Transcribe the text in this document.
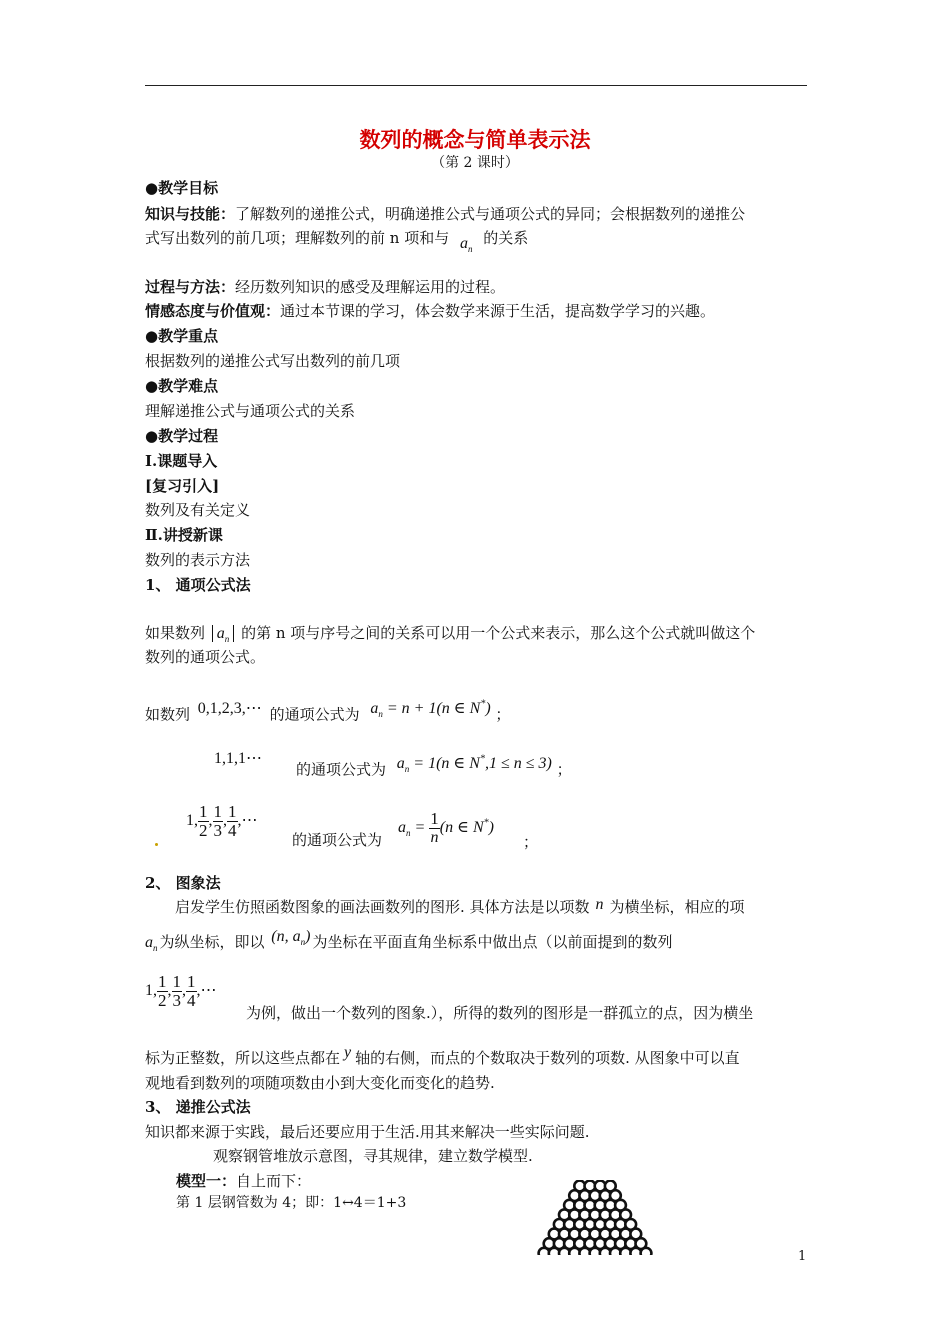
数列的概念与简单表示法
（第 2 课时）
●教学目标
知识与技能：了解数列的递推公式，明确递推公式与通项公式的异同；会根据数列的递推公
式写出数列的前几项；理解数列的前 n 项和与 $a_n$ 的关系
过程与方法：经历数列知识的感受及理解运用的过程。
情感态度与价值观：通过本节课的学习，体会数学来源于生活，提高数学学习的兴趣。
●教学重点
根据数列的递推公式写出数列的前几项
●教学难点
理解递推公式与通项公式的关系
●教学过程
Ⅰ.课题导入
[复习引入]
数列及有关定义
Ⅱ.讲授新课
数列的表示方法
1、 通项公式法
如果数列 $a_n$ 的第 n 项与序号之间的关系可以用一个公式来表示，那么这个公式就叫做这个
数列的通项公式。
如数列 0,1,2,3,⋯ 的通项公式为 $a_n = n + 1(n$ ∈ N*) ；
1,1,1⋯
的通项公式为 $a_n = 1(n$ ∈ N*,1 ≤ n ≤ 3) ；
1, $\frac{1}{2}$ , $\frac{1}{3}$ , $\frac{1}{4}$ ,⋯
的通项公式为
$a_n = \frac{1}{n} (n$ ∈ N*)
；
2、 图象法
启发学生仿照函数图象的画法画数列的图形. 具体方法是以项数 n 为横坐标，相应的项
$a_n$ 为纵坐标，即以 (n, $a_n$) 为坐标在平面直角坐标系中做出点（以前面提到的数列
1, $\frac{1}{2}$ , $\frac{1}{3}$ , $\frac{1}{4}$ ,⋯
为例，做出一个数列的图象.），所得的数列的图形是一群孤立的点，因为横坐
标为正整数，所以这些点都在 y 轴的右侧，而点的个数取决于数列的项数. 从图象中可以直
观地看到数列的项随项数由小到大变化而变化的趋势.
3、 递推公式法
知识都来源于实践，最后还要应用于生活.用其来解决一些实际问题.
观察钢管堆放示意图，寻其规律，建立数学模型.
模型一：自上而下：
第 1 层钢管数为 4；即：1↔4＝1+3
1
